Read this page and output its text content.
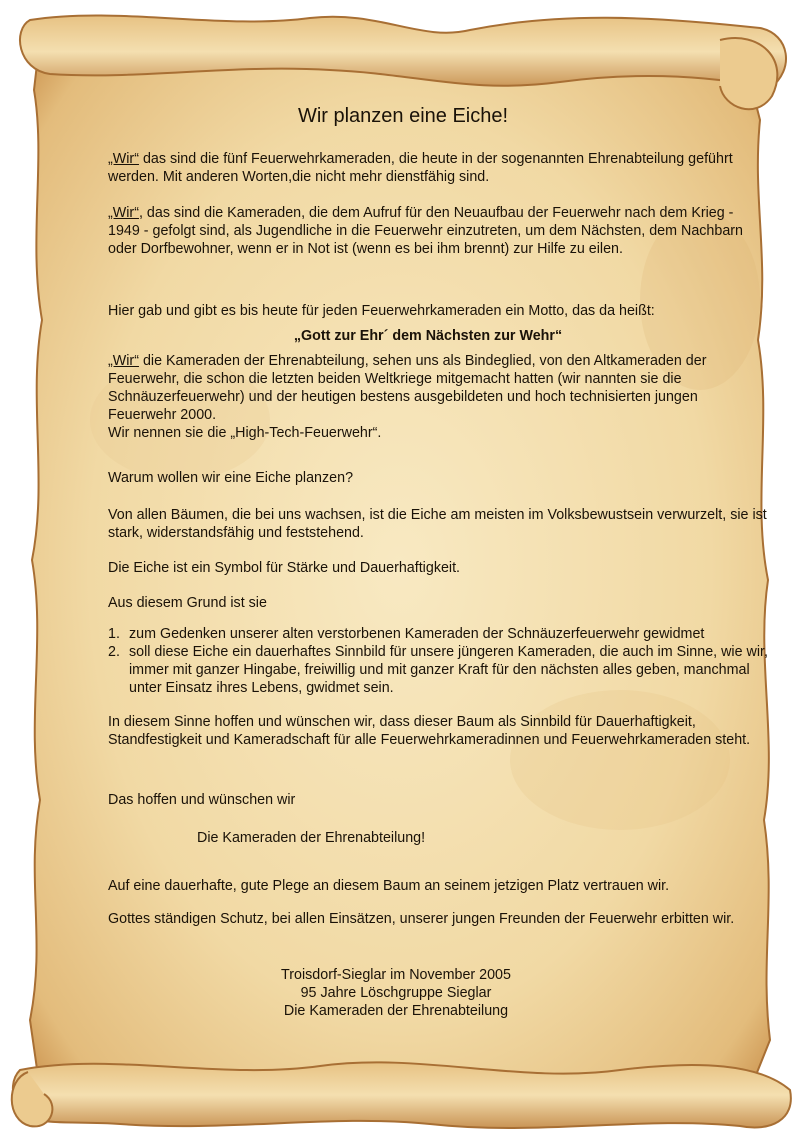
Wir planzen eine Eiche!

„Wir“ das sind die fünf Feuerwehrkameraden, die heute in der sogenannten Ehrenabteilung geführt werden. Mit anderen Worten,die nicht mehr dienstfähig sind.

„Wir“, das sind die Kameraden, die dem Aufruf für den Neuaufbau der Feuerwehr nach dem Krieg - 1949 - gefolgt sind, als Jugendliche in die Feuerwehr einzutreten, um dem Nächsten, dem Nachbarn oder Dorfbewohner, wenn er in Not ist (wenn es bei ihm brennt) zur Hilfe zu eilen.

Hier gab und gibt es bis heute für jeden Feuerwehrkameraden ein Motto, das da heißt:

„Gott zur Ehr´ dem Nächsten zur Wehr“

„Wir“ die Kameraden der Ehrenabteilung, sehen uns als Bindeglied, von den Altkameraden der Feuerwehr, die schon die letzten beiden Weltkriege mitgemacht hatten (wir nannten sie die Schnäuzerfeuerwehr) und der heutigen bestens ausgebildeten und hoch technisierten jungen Feuerwehr 2000.
Wir nennen sie die „High-Tech-Feuerwehr“.

Warum wollen wir eine Eiche planzen?

Von allen Bäumen, die bei uns wachsen, ist die Eiche am meisten im Volksbewustsein verwurzelt, sie ist stark, widerstandsfähig und feststehend.

Die Eiche ist ein Symbol für Stärke und Dauerhaftigkeit.

Aus diesem Grund ist sie

1. zum Gedenken unserer alten verstorbenen Kameraden der Schnäuzerfeuerwehr gewidmet
2. soll diese Eiche ein dauerhaftes Sinnbild für unsere jüngeren Kameraden, die auch im Sinne, wie wir, immer mit ganzer Hingabe, freiwillig und mit ganzer Kraft für den nächsten alles geben, manchmal unter Einsatz ihres Lebens, gwidmet sein.

In diesem Sinne hoffen und wünschen wir, dass dieser Baum als Sinnbild für Dauerhaftigkeit, Standfestigkeit und Kameradschaft für alle Feuerwehrkameradinnen und Feuerwehrkameraden steht.

Das hoffen und wünschen wir

Die Kameraden der Ehrenabteilung!

Auf eine dauerhafte, gute Plege an diesem Baum an seinem jetzigen Platz vertrauen wir.

Gottes ständigen Schutz, bei allen Einsätzen, unserer jungen Freunden der Feuerwehr erbitten wir.

Troisdorf-Sieglar im November 2005
95 Jahre Löschgruppe Sieglar
Die Kameraden der Ehrenabteilung
